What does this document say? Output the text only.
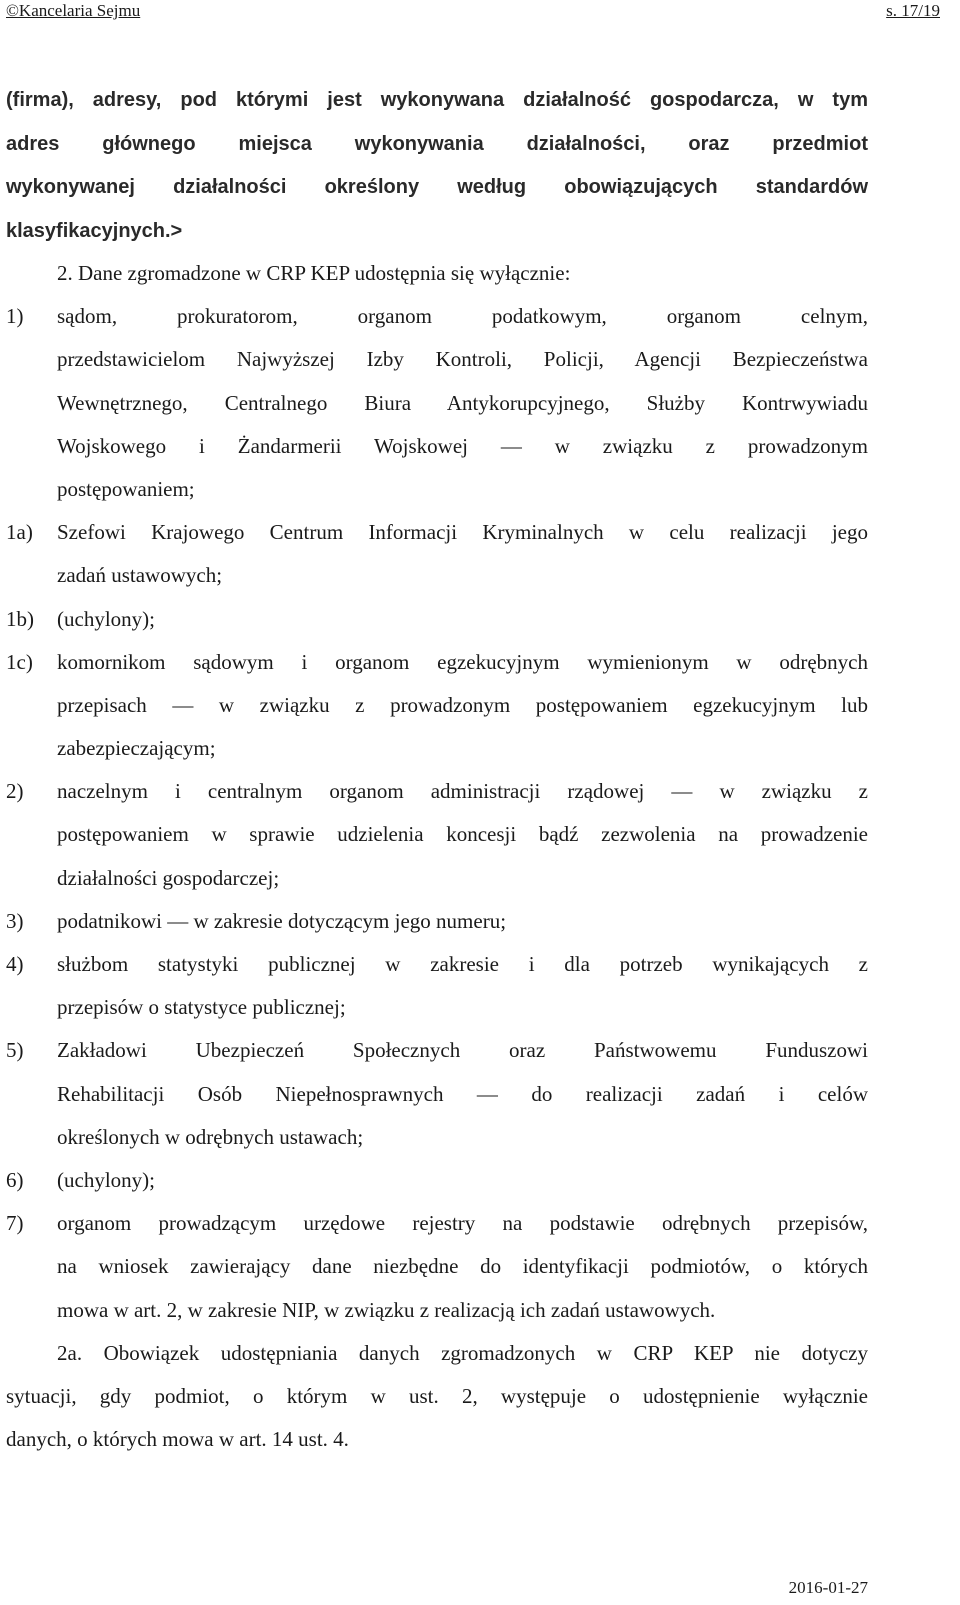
©Kancelaria Sejmu	s. 17/19
(firma), adresy, pod którymi jest wykonywana działalność gospodarcza, w tym
adres głównego miejsca wykonywania działalności, oraz przedmiot
wykonywanej działalności określony według obowiązujących standardów
klasyfikacyjnych.>
2. Dane zgromadzone w CRP KEP udostępnia się wyłącznie:
1) sądom, prokuratorom, organom podatkowym, organom celnym,
przedstawicielom Najwyższej Izby Kontroli, Policji, Agencji Bezpieczeństwa
Wewnętrznego, Centralnego Biura Antykorupcyjnego, Służby Kontrwywiadu
Wojskowego i Żandarmerii Wojskowej — w związku z prowadzonym
postępowaniem;
1a) Szefowi Krajowego Centrum Informacji Kryminalnych w celu realizacji jego
zadań ustawowych;
1b) (uchylony);
1c) komornikom sądowym i organom egzekucyjnym wymienionym w odrębnych
przepisach — w związku z prowadzonym postępowaniem egzekucyjnym lub
zabezpieczającym;
2) naczelnym i centralnym organom administracji rządowej — w związku z
postępowaniem w sprawie udzielenia koncesji bądź zezwolenia na prowadzenie
działalności gospodarczej;
3) podatnikowi — w zakresie dotyczącym jego numeru;
4) służbom statystyki publicznej w zakresie i dla potrzeb wynikających z
przepisów o statystyce publicznej;
5) Zakładowi Ubezpieczeń Społecznych oraz Państwowemu Funduszowi
Rehabilitacji Osób Niepełnosprawnych — do realizacji zadań i celów
określonych w odrębnych ustawach;
6) (uchylony);
7) organom prowadzącym urzędowe rejestry na podstawie odrębnych przepisów,
na wniosek zawierający dane niezbędne do identyfikacji podmiotów, o których
mowa w art. 2, w zakresie NIP, w związku z realizacją ich zadań ustawowych.
2a. Obowiązek udostępniania danych zgromadzonych w CRP KEP nie dotyczy
sytuacji, gdy podmiot, o którym w ust. 2, występuje o udostępnienie wyłącznie
danych, o których mowa w art. 14 ust. 4.
2016-01-27
